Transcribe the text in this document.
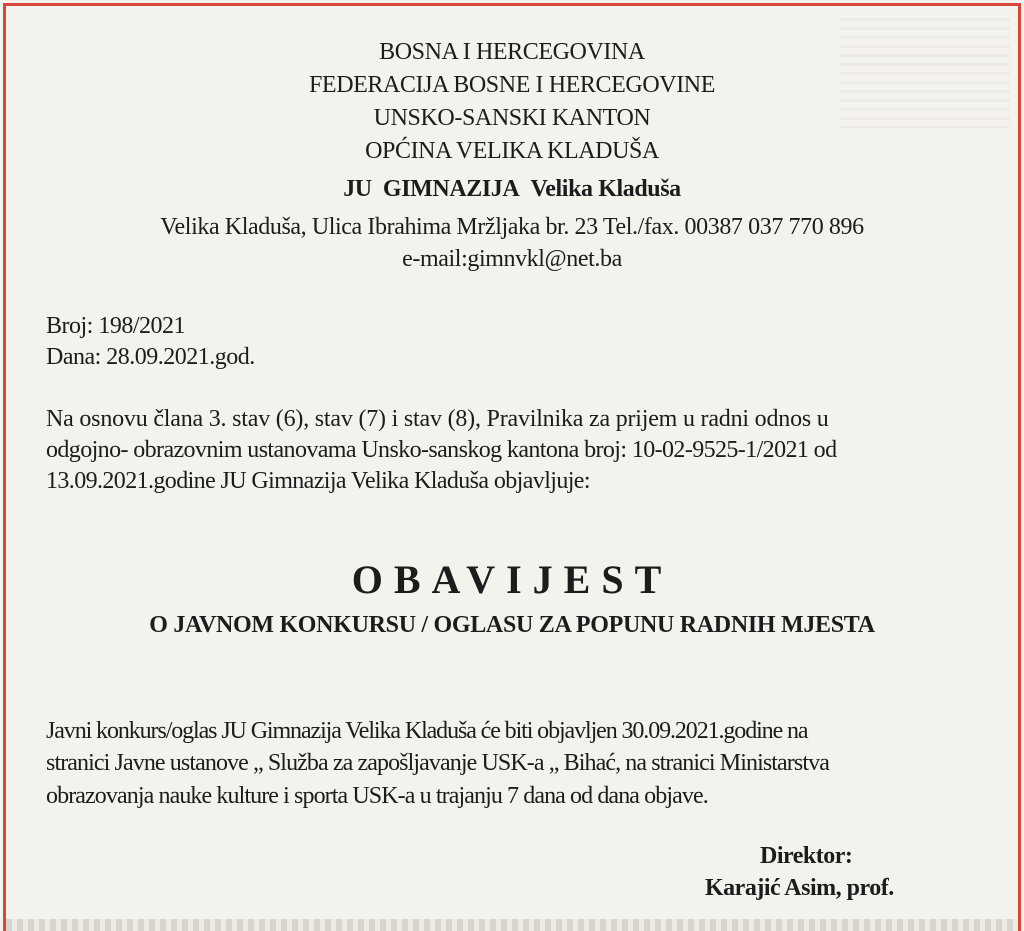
BOSNA I HERCEGOVINA
FEDERACIJA BOSNE I HERCEGOVINE
UNSKO-SANSKI KANTON
OPĆINA VELIKA KLADUŠA
JU  GIMNAZIJA Velika Kladuša
Velika Kladuša, Ulica Ibrahima Mržljaka br. 23 Tel./fax. 00387 037 770 896
e-mail:gimnvkl@net.ba
Broj: 198/2021
Dana: 28.09.2021.god.
Na osnovu člana 3. stav (6), stav (7) i stav (8), Pravilnika za prijem u radni odnos u
odgojno- obrazovnim ustanovama Unsko-sanskog kantona broj: 10-02-9525-1/2021 od
13.09.2021.godine JU Gimnazija Velika Kladuša objavljuje:
OBAVIJEST
O JAVNOM KONKURSU / OGLASU ZA POPUNU RADNIH MJESTA
Javni konkurs/oglas JU Gimnazija Velika Kladuša će biti objavljen 30.09.2021.godine na
stranici Javne ustanove „ Služba za zapošljavanje USK-a „ Bihać, na stranici Ministarstva
obrazovanja nauke kulture i sporta USK-a u trajanju 7 dana od dana objave.
Direktor:
Karajić Asim, prof.
